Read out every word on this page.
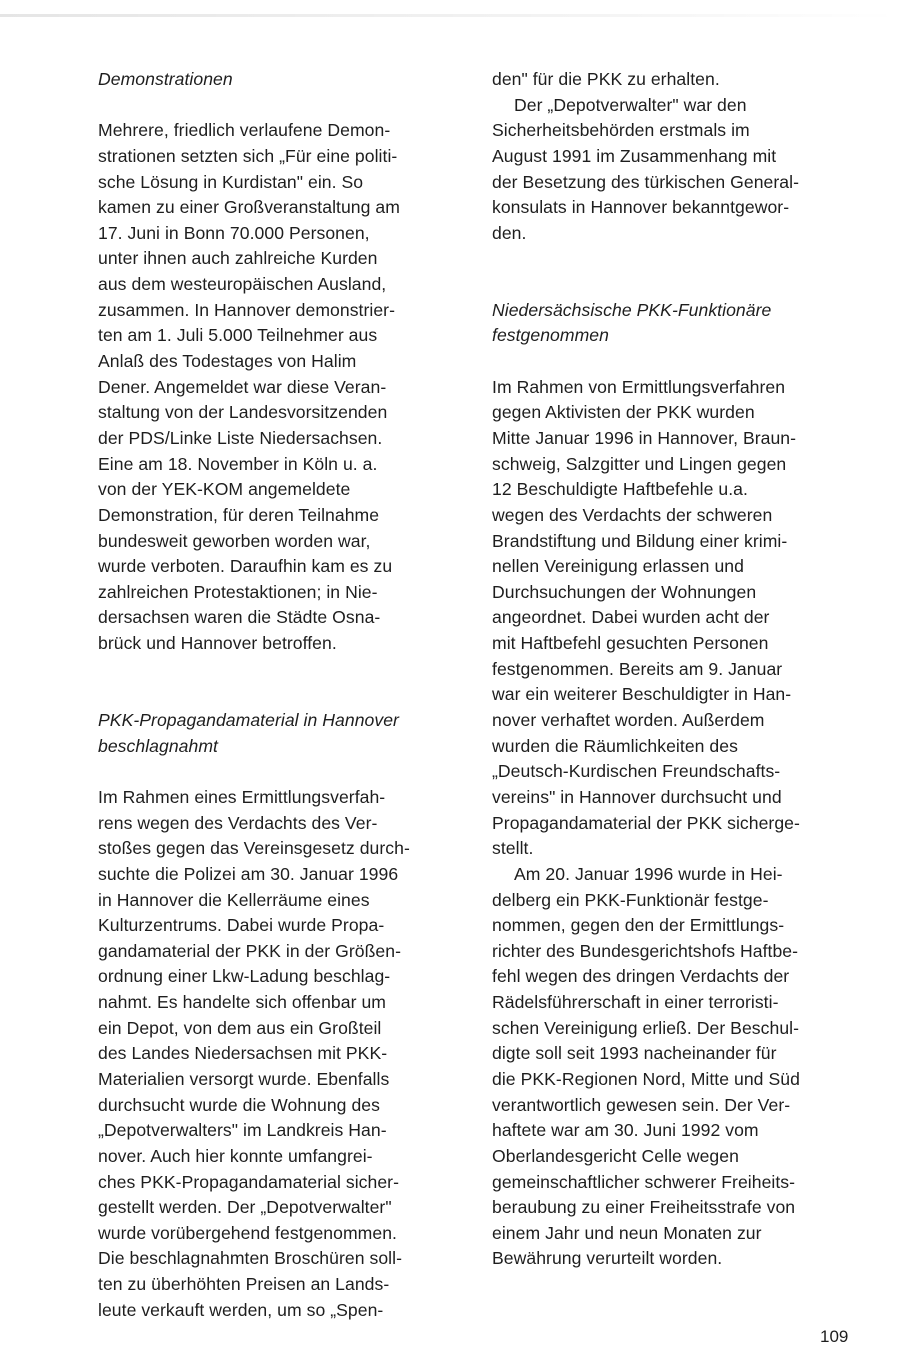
Demonstrationen
Mehrere, friedlich verlaufene Demon-
strationen setzten sich „Für eine politi-
sche Lösung in Kurdistan" ein. So
kamen zu einer Großveranstaltung am
17. Juni in Bonn 70.000 Personen,
unter ihnen auch zahlreiche Kurden
aus dem westeuropäischen Ausland,
zusammen. In Hannover demonstrier-
ten am 1. Juli 5.000 Teilnehmer aus
Anlaß des Todestages von Halim
Dener. Angemeldet war diese Veran-
staltung von der Landesvorsitzenden
der PDS/Linke Liste Niedersachsen.
Eine am 18. November in Köln u. a.
von der YEK-KOM angemeldete
Demonstration, für deren Teilnahme
bundesweit geworben worden war,
wurde verboten. Daraufhin kam es zu
zahlreichen Protestaktionen; in Nie-
dersachsen waren die Städte Osna-
brück und Hannover betroffen.
PKK-Propagandamaterial in Hannover
beschlagnahmt
Im Rahmen eines Ermittlungsverfah-
rens wegen des Verdachts des Ver-
stoßes gegen das Vereinsgesetz durch-
suchte die Polizei am 30. Januar 1996
in Hannover die Kellerräume eines
Kulturzentrums. Dabei wurde Propa-
gandamaterial der PKK in der Größen-
ordnung einer Lkw-Ladung beschlag-
nahmt. Es handelte sich offenbar um
ein Depot, von dem aus ein Großteil
des Landes Niedersachsen mit PKK-
Materialien versorgt wurde. Ebenfalls
durchsucht wurde die Wohnung des
„Depotverwalters" im Landkreis Han-
nover. Auch hier konnte umfangrei-
ches PKK-Propagandamaterial sicher-
gestellt werden. Der „Depotverwalter"
wurde vorübergehend festgenommen.
Die beschlagnahmten Broschüren soll-
ten zu überhöhten Preisen an Lands-
leute verkauft werden, um so „Spen-
den" für die PKK zu erhalten.
Der „Depotverwalter" war den
Sicherheitsbehörden erstmals im
August 1991 im Zusammenhang mit
der Besetzung des türkischen General-
konsulats in Hannover bekanntgewor-
den.
Niedersächsische PKK-Funktionäre
festgenommen
Im Rahmen von Ermittlungsverfahren
gegen Aktivisten der PKK wurden
Mitte Januar 1996 in Hannover, Braun-
schweig, Salzgitter und Lingen gegen
12 Beschuldigte Haftbefehle u.a.
wegen des Verdachts der schweren
Brandstiftung und Bildung einer krimi-
nellen Vereinigung erlassen und
Durchsuchungen der Wohnungen
angeordnet. Dabei wurden acht der
mit Haftbefehl gesuchten Personen
festgenommen. Bereits am 9. Januar
war ein weiterer Beschuldigter in Han-
nover verhaftet worden. Außerdem
wurden die Räumlichkeiten des
„Deutsch-Kurdischen Freundschafts-
vereins" in Hannover durchsucht und
Propagandamaterial der PKK sicherge-
stellt.
Am 20. Januar 1996 wurde in Hei-
delberg ein PKK-Funktionär festge-
nommen, gegen den der Ermittlungs-
richter des Bundesgerichtshofs Haftbe-
fehl wegen des dringen Verdachts der
Rädelsführerschaft in einer terroristi-
schen Vereinigung erließ. Der Beschul-
digte soll seit 1993 nacheinander für
die PKK-Regionen Nord, Mitte und Süd
verantwortlich gewesen sein. Der Ver-
haftete war am 30. Juni 1992 vom
Oberlandesgericht Celle wegen
gemeinschaftlicher schwerer Freiheits-
beraubung zu einer Freiheitsstrafe von
einem Jahr und neun Monaten zur
Bewährung verurteilt worden.
109
